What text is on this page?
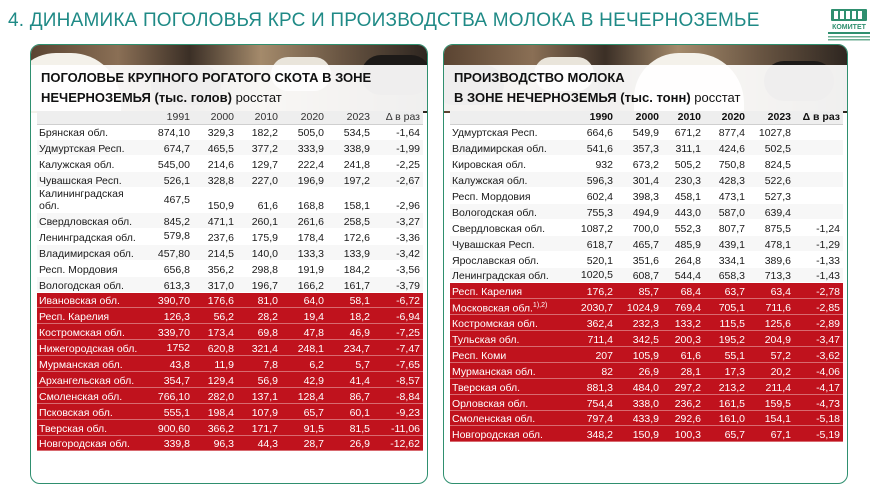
4. ДИНАМИКА ПОГОЛОВЬЯ КРС И ПРОИЗВОДСТВА МОЛОКА В НЕЧЕРНОЗЕМЬЕ	КОМИТЕТ
ПОГОЛОВЬЕ КРУПНОГО РОГАТОГО СКОТА В ЗОНЕ
НЕЧЕРНОЗЕМЬЯ (тыс. голов) росстат
	1991	2000	2010	2020	2023	Δ в раз
Брянская обл.	874,10	329,3	182,2	505,0	534,5	-1,64
Удмуртская Респ.	674,7	465,5	377,2	333,9	338,9	-1,99
Калужская обл.	545,00	214,6	129,7	222,4	241,8	-2,25
Чувашская Респ.	526,1	328,8	227,0	196,9	197,2	-2,67
Калининградская обл.	467,5	150,9	61,6	168,8	158,1	-2,96
Свердловская обл.	845,2	471,1	260,1	261,6	258,5	-3,27
Ленинградская обл.	579,8	237,6	175,9	178,4	172,6	-3,36
Владимирская обл.	457,80	214,5	140,0	133,3	133,9	-3,42
Респ. Мордовия	656,8	356,2	298,8	191,9	184,2	-3,56
Вологодская обл.	613,3	317,0	196,7	166,2	161,7	-3,79
Ивановская обл.	390,70	176,6	81,0	64,0	58,1	-6,72
Респ. Карелия	126,3	56,2	28,2	19,4	18,2	-6,94
Костромская обл.	339,70	173,4	69,8	47,8	46,9	-7,25
Нижегородская обл.	1752	620,8	321,4	248,1	234,7	-7,47
Мурманская обл.	43,8	11,9	7,8	6,2	5,7	-7,65
Архангельская обл.	354,7	129,4	56,9	42,9	41,4	-8,57
Смоленская обл.	766,10	282,0	137,1	128,4	86,7	-8,84
Псковская обл.	555,1	198,4	107,9	65,7	60,1	-9,23
Тверская обл.	900,60	366,2	171,7	91,5	81,5	-11,06
Новгородская обл.	339,8	96,3	44,3	28,7	26,9	-12,62
ПРОИЗВОДСТВО МОЛОКА
В ЗОНЕ НЕЧЕРНОЗЕМЬЯ (тыс. тонн) росстат
	1990	2000	2010	2020	2023	Δ в раз
Удмуртская Респ.	664,6	549,9	671,2	877,4	1027,8	
Владимирская обл.	541,6	357,3	311,1	424,6	502,5	
Кировская обл.	932	673,2	505,2	750,8	824,5	
Калужская обл.	596,3	301,4	230,3	428,3	522,6	
Респ. Мордовия	602,4	398,3	458,1	473,1	527,3	
Вологодская обл.	755,3	494,9	443,0	587,0	639,4	
Свердловская обл.	1087,2	700,0	552,3	807,7	875,5	-1,24
Чувашская Респ.	618,7	465,7	485,9	439,1	478,1	-1,29
Ярославская обл.	520,1	351,6	264,8	334,1	389,6	-1,33
Ленинградская обл.	1020,5	608,7	544,4	658,3	713,3	-1,43
Респ. Карелия	176,2	85,7	68,4	63,7	63,4	-2,78
Московская обл.$^{1),2)}$	2030,7	1024,9	769,4	705,1	711,6	-2,85
Костромская обл.	362,4	232,3	133,2	115,5	125,6	-2,89
Тульская обл.	711,4	342,5	200,3	195,2	204,9	-3,47
Респ. Коми	207	105,9	61,6	55,1	57,2	-3,62
Мурманская обл.	82	26,9	28,1	17,3	20,2	-4,06
Тверская обл.	881,3	484,0	297,2	213,2	211,4	-4,17
Орловская обл.	754,4	338,0	236,2	161,5	159,5	-4,73
Смоленская обл.	797,4	433,9	292,6	161,0	154,1	-5,18
Новгородская обл.	348,2	150,9	100,3	65,7	67,1	-5,19
